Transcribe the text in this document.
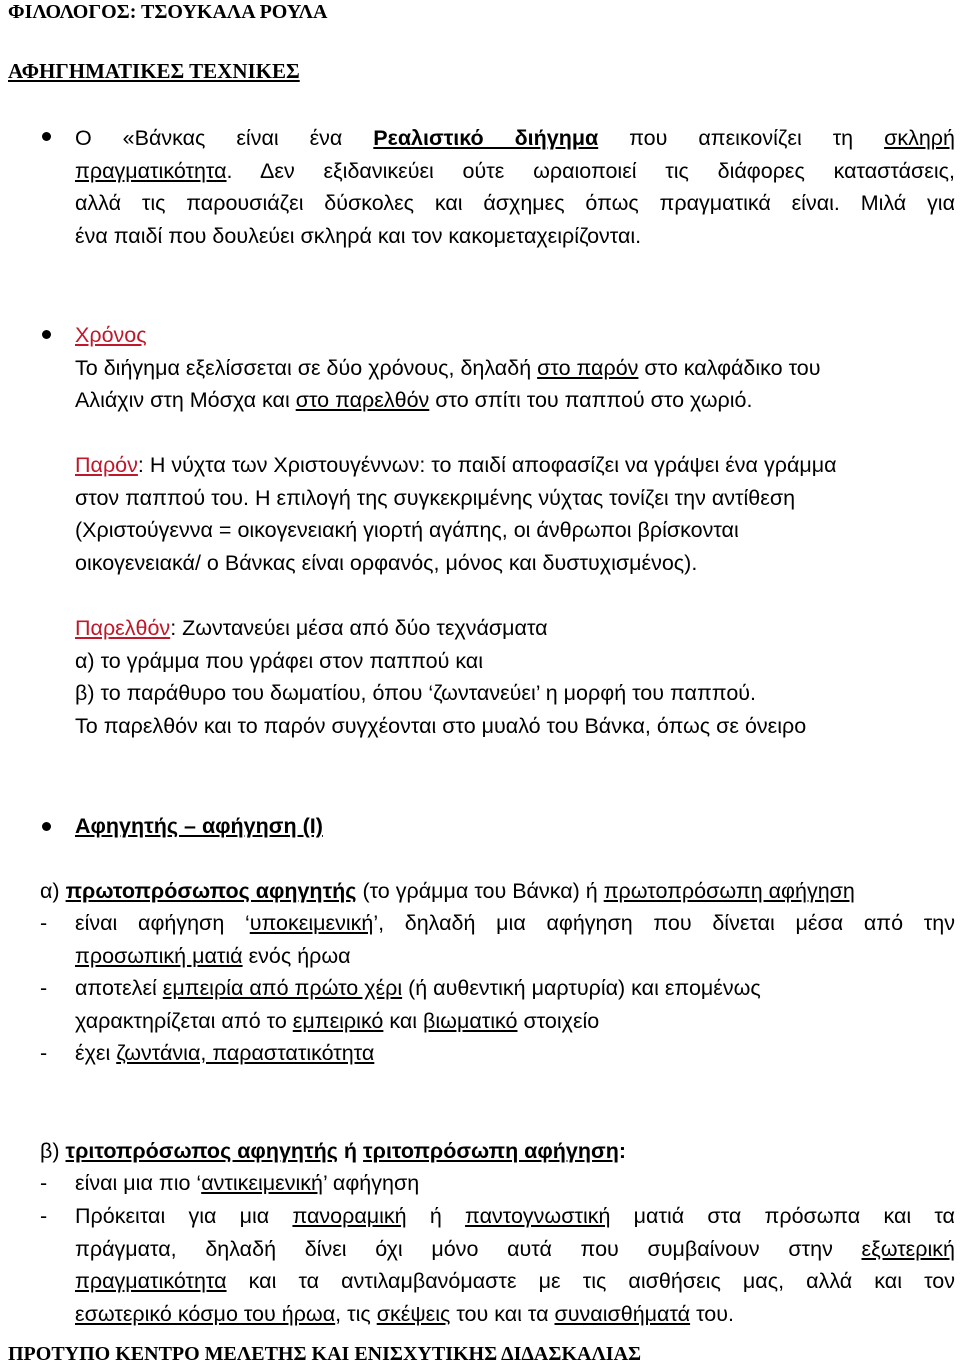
ΦΙΛΟΛΟΓΟΣ: ΤΣΟΥΚΑΛΑ ΡΟΥΛΑ
ΑΦΗΓΗΜΑΤΙΚΕΣ ΤΕΧΝΙΚΕΣ
Ο «Βάνκας είναι ένα Ρεαλιστικό διήγημα που απεικονίζει τη σκληρή
πραγματικότητα. Δεν εξιδανικεύει ούτε ωραιοποιεί τις διάφορες καταστάσεις,
αλλά τις παρουσιάζει δύσκολες και άσχημες όπως πραγματικά είναι. Μιλά για
ένα παιδί που δουλεύει σκληρά και τον κακομεταχειρίζονται.
Χρόνος
Το διήγημα εξελίσσεται σε δύο χρόνους, δηλαδή στο παρόν στο καλφάδικο του
Αλιάχιν στη Μόσχα και στο παρελθόν στο σπίτι του παππού στο χωριό.
Παρόν: Η νύχτα των Χριστουγέννων: το παιδί αποφασίζει να γράψει ένα γράμμα
στον παππού του. Η επιλογή της συγκεκριμένης νύχτας τονίζει την αντίθεση
(Χριστούγεννα = οικογενειακή γιορτή αγάπης, οι άνθρωποι βρίσκονται
οικογενειακά/ ο Βάνκας είναι ορφανός, μόνος και δυστυχισμένος).
Παρελθόν: Ζωντανεύει μέσα από δύο τεχνάσματα
α) το γράμμα που γράφει στον παππού και
β) το παράθυρο του δωματίου, όπου ‘ζωντανεύει’ η μορφή του παππού.
Το παρελθόν και το παρόν συγχέονται στο μυαλό του Βάνκα, όπως σε όνειρο
Αφηγητής – αφήγηση (Ι)
α) πρωτοπρόσωπος αφηγητής (το γράμμα του Βάνκα) ή πρωτοπρόσωπη αφήγηση
- είναι αφήγηση ‘υποκειμενική’, δηλαδή μια αφήγηση που δίνεται μέσα από την
προσωπική ματιά ενός ήρωα
- αποτελεί εμπειρία από πρώτο χέρι (ή αυθεντική μαρτυρία) και επομένως
χαρακτηρίζεται από το εμπειρικό και βιωματικό στοιχείο
- έχει ζωντάνια, παραστατικότητα
β) τριτοπρόσωπος αφηγητής ή τριτοπρόσωπη αφήγηση:
- είναι μια πιο ‘αντικειμενική’ αφήγηση
- Πρόκειται για μια πανοραμική ή παντογνωστική ματιά στα πρόσωπα και τα
πράγματα, δηλαδή δίνει όχι μόνο αυτά που συμβαίνουν στην εξωτερική
πραγματικότητα και τα αντιλαμβανόμαστε με τις αισθήσεις μας, αλλά και τον
εσωτερικό κόσμο του ήρωα, τις σκέψεις του και τα συναισθήματά του.
ΠΡΟΤΥΠΟ ΚΕΝΤΡΟ ΜΕΛΕΤΗΣ ΚΑΙ ΕΝΙΣΧΥΤΙΚΗΣ ΔΙΔΑΣΚΑΛΙΑΣ
